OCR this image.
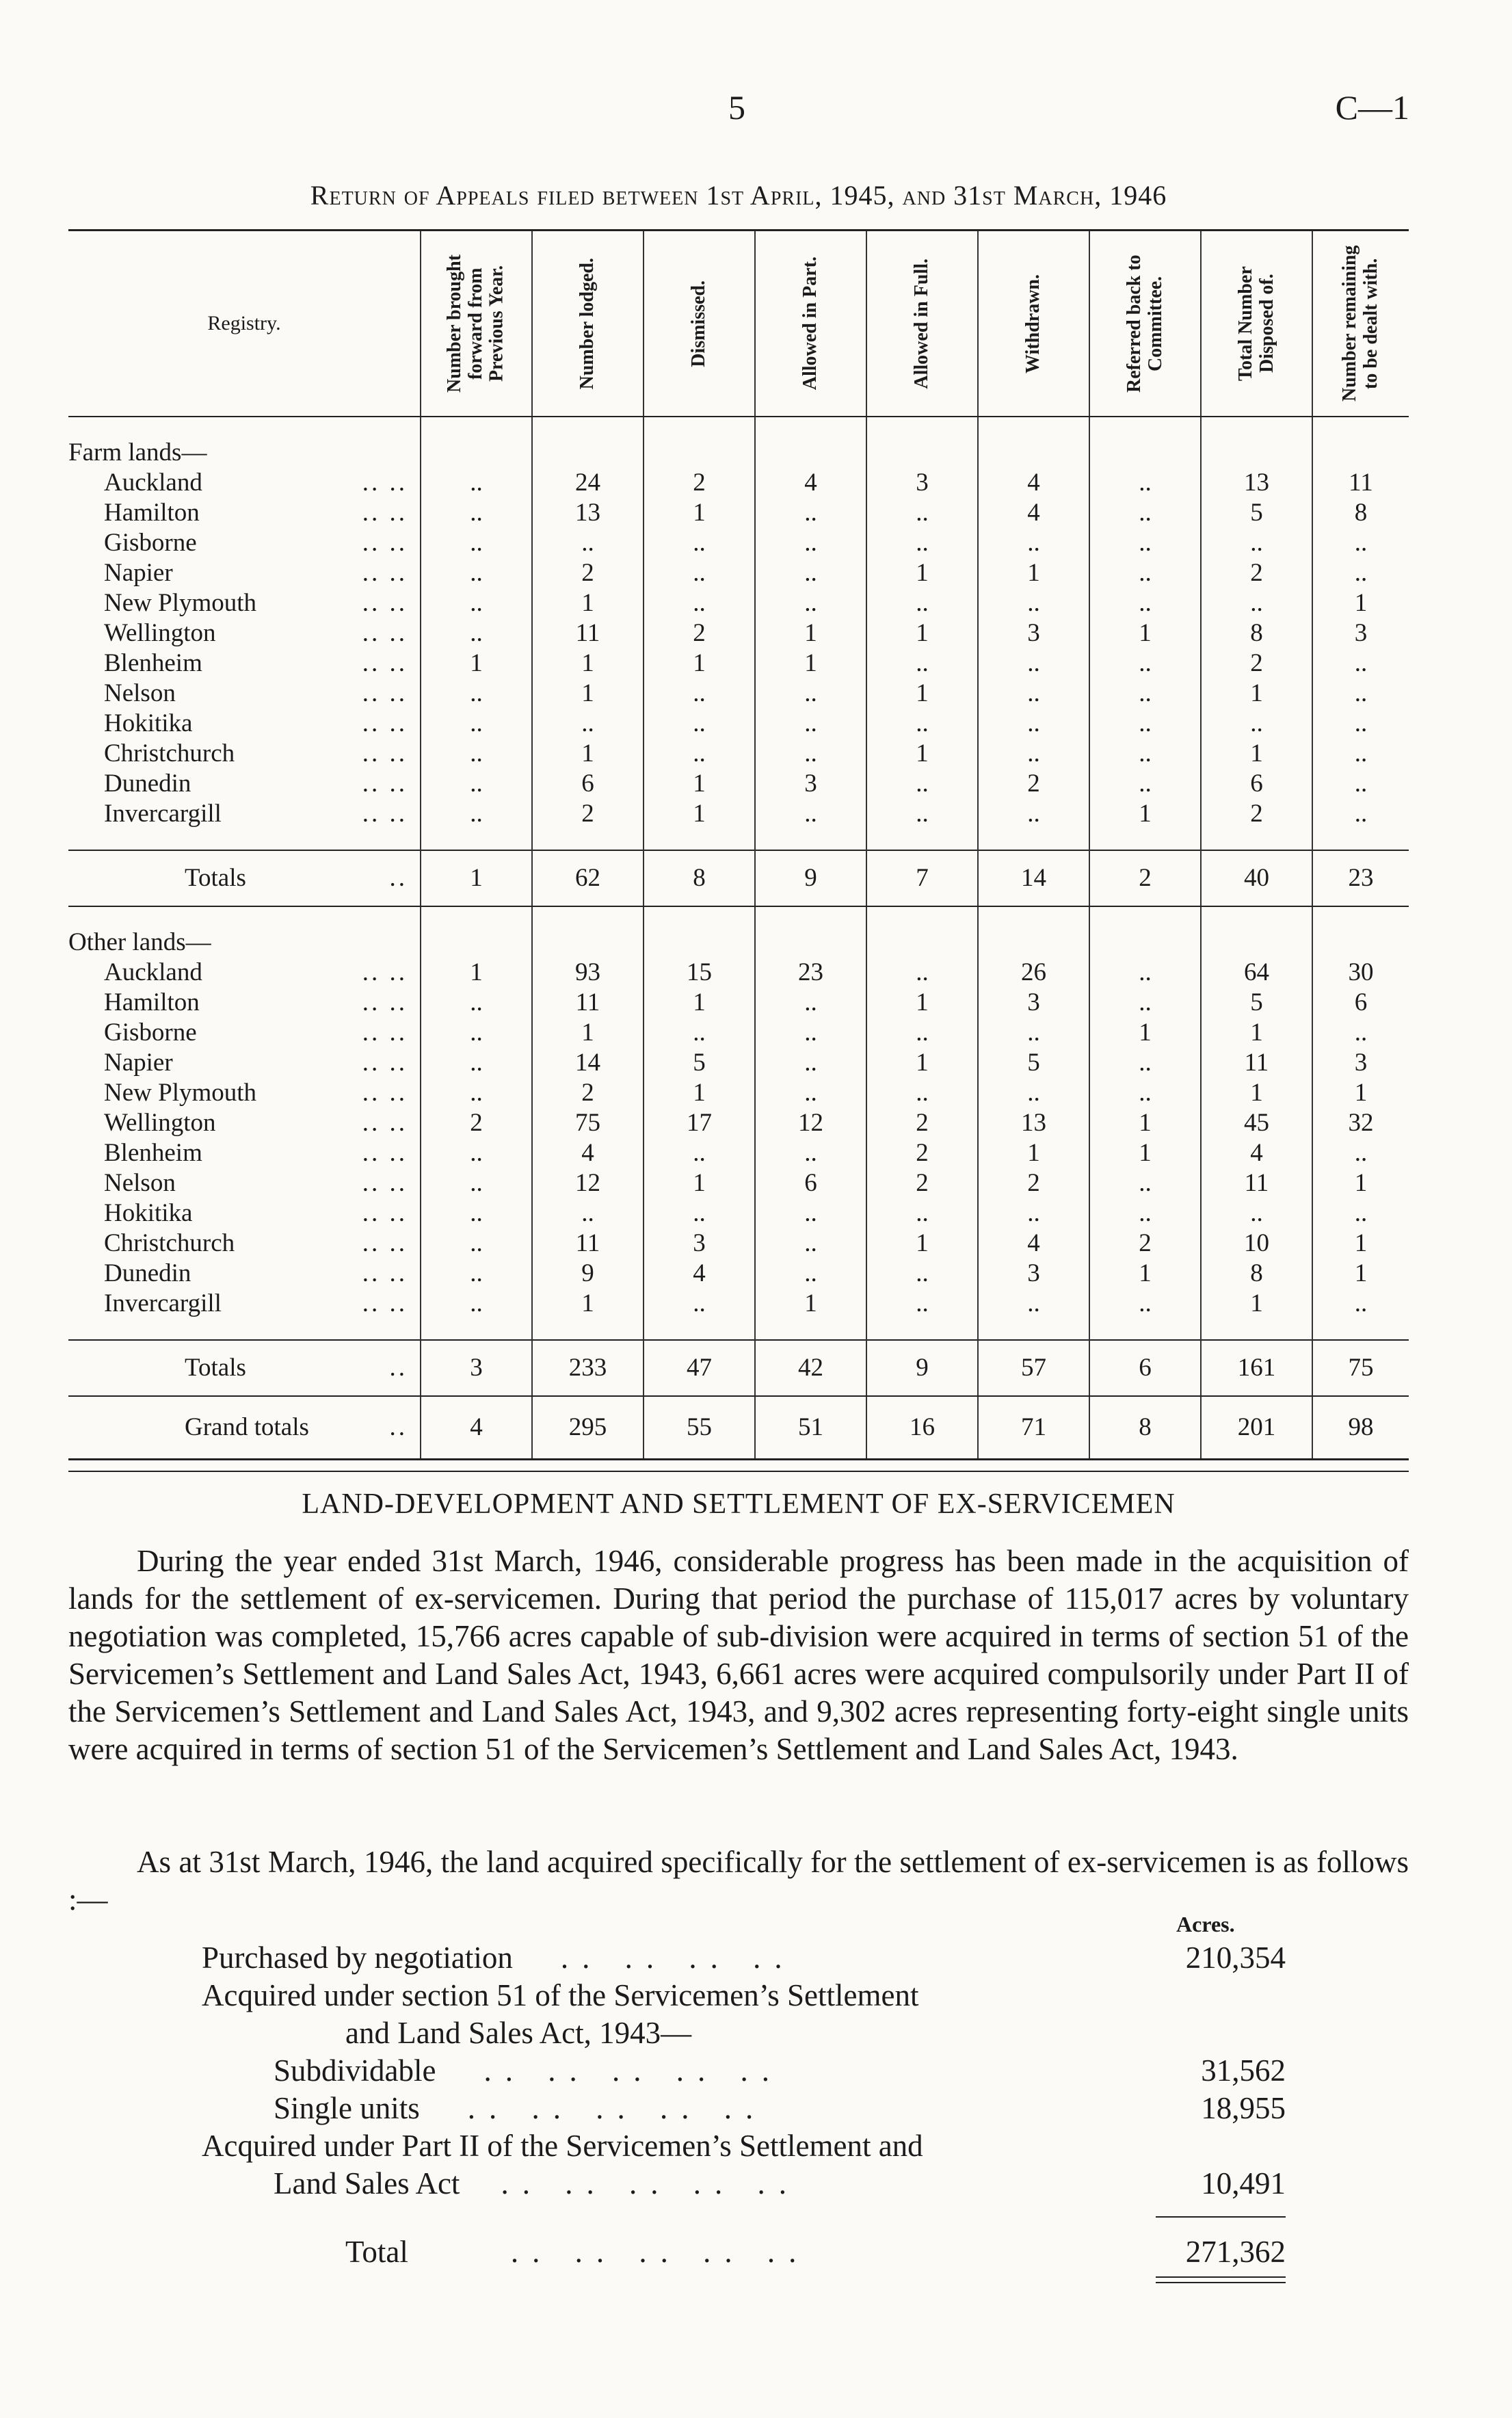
5	C—1
Return of Appeals filed between 1st April, 1945, and 31st March, 1946
Registry.	Number brought forward from Previous Year.	Number lodged.	Dismissed.	Allowed in Part.	Allowed in Full.	Withdrawn.	Referred back to Committee.	Total Number Disposed of.	Number remaining to be dealt with.

Farm lands—									
Auckland .. ..	..	24	2	4	3	4	..	13	11
Hamilton .. ..	..	13	1	..	..	4	..	5	8
Gisborne .. ..	..	..	..	..	..	..	..	..	..
Napier .. ..	..	2	..	..	1	1	..	2	..
New Plymouth .. ..	..	1	..	..	..	..	..	..	1
Wellington .. ..	..	11	2	1	1	3	1	8	3
Blenheim .. ..	1	1	1	1	..	..	..	2	..
Nelson .. ..	..	1	..	..	1	..	..	1	..
Hokitika .. ..	..	..	..	..	..	..	..	..	..
Christchurch .. ..	..	1	..	..	1	..	..	1	..
Dunedin .. ..	..	6	1	3	..	2	..	6	..
Invercargill .. ..	..	2	1	..	..	..	1	2	..

Totals ..	1	62	8	9	7	14	2	40	23

Other lands—									
Auckland .. ..	1	93	15	23	..	26	..	64	30
Hamilton .. ..	..	11	1	..	1	3	..	5	6
Gisborne .. ..	..	1	..	..	..	..	1	1	..
Napier .. ..	..	14	5	..	1	5	..	11	3
New Plymouth .. ..	..	2	1	..	..	..	..	1	1
Wellington .. ..	2	75	17	12	2	13	1	45	32
Blenheim .. ..	..	4	..	..	2	1	1	4	..
Nelson .. ..	..	12	1	6	2	2	..	11	1
Hokitika .. ..	..	..	..	..	..	..	..	..	..
Christchurch .. ..	..	11	3	..	1	4	2	10	1
Dunedin .. ..	..	9	4	..	..	3	1	8	1
Invercargill .. ..	..	1	..	1	..	..	..	1	..

Totals ..	3	233	47	42	9	57	6	161	75
Grand totals ..	4	295	55	51	16	71	8	201	98
LAND-DEVELOPMENT AND SETTLEMENT OF EX-SERVICEMEN

During the year ended 31st March, 1946, considerable progress has been made in the acquisition of lands for the settlement of ex-servicemen. During that period the purchase of 115,017 acres by voluntary negotiation was completed, 15,766 acres capable of sub-division were acquired in terms of section 51 of the Servicemen’s Settlement and Land Sales Act, 1943, 6,661 acres were acquired compulsorily under Part II of the Servicemen’s Settlement and Land Sales Act, 1943, and 9,302 acres representing forty-eight single units were acquired in terms of section 51 of the Servicemen’s Settlement and Land Sales Act, 1943.

As at 31st March, 1946, the land acquired specifically for the settlement of ex-servicemen is as follows :—

Acres.
Purchased by negotiation .. .. .. ..	210,354
Acquired under section 51 of the Servicemen’s Settlement
and Land Sales Act, 1943—
Subdividable .. .. .. .. ..	31,562
Single units .. .. .. .. ..	18,955
Acquired under Part II of the Servicemen’s Settlement and
Land Sales Act .. .. .. .. ..	10,491
Total	.. .. .. .. ..	271,362
